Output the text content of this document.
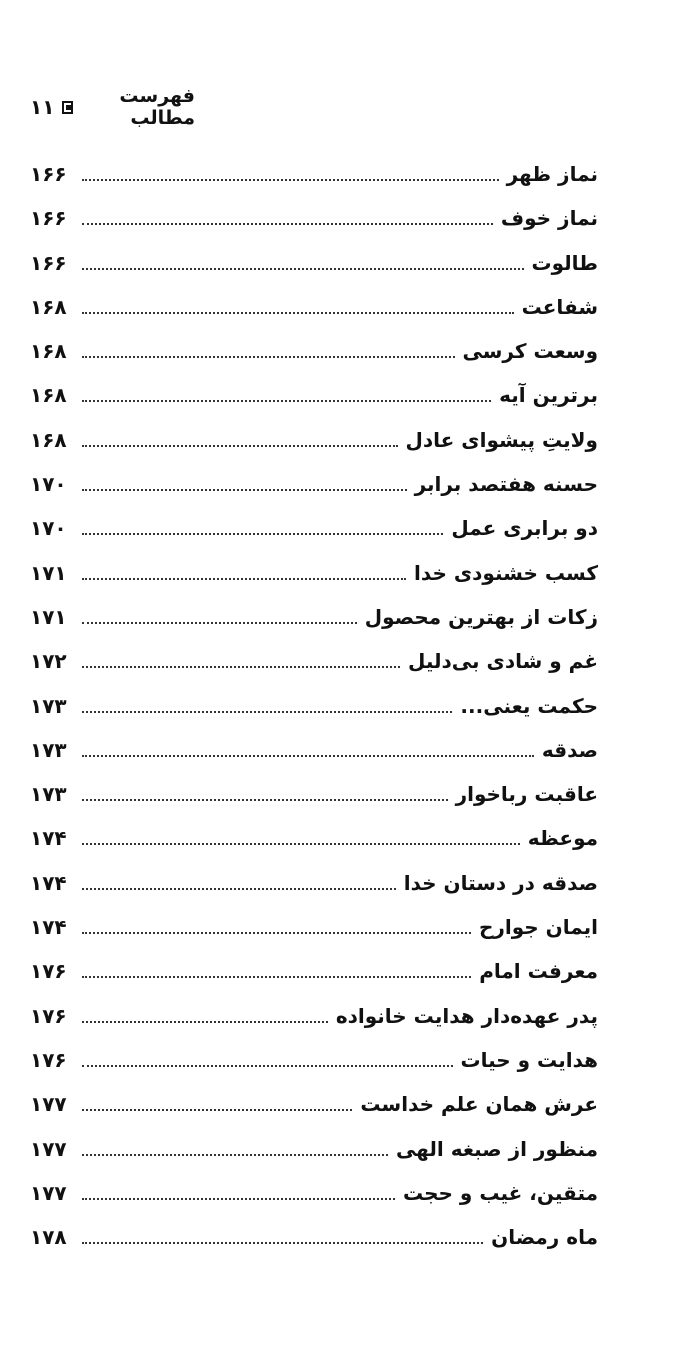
فهرست مطالب
۱۱
نماز ظهر
۱۶۶
نماز خوف
۱۶۶
طالوت
۱۶۶
شفاعت
۱۶۸
وسعت کرسی
۱۶۸
برترین آیه
۱۶۸
ولایتِ پیشوای عادل
۱۶۸
حسنه هفتصد برابر
۱۷۰
دو برابری عمل
۱۷۰
کسب خشنودی خدا
۱۷۱
زکات از بهترین محصول
۱۷۱
غم و شادی بی‌دلیل
۱۷۲
حکمت یعنی...
۱۷۳
صدقه
۱۷۳
عاقبت رباخوار
۱۷۳
موعظه
۱۷۴
صدقه در دستان خدا
۱۷۴
ایمان جوارح
۱۷۴
معرفت امام
۱۷۶
پدر عهده‌دار هدایت خانواده
۱۷۶
هدایت و حیات
۱۷۶
عرش همان علم خداست
۱۷۷
منظور از صبغه الهی
۱۷۷
متقین، غیب و حجت
۱۷۷
ماه رمضان
۱۷۸
